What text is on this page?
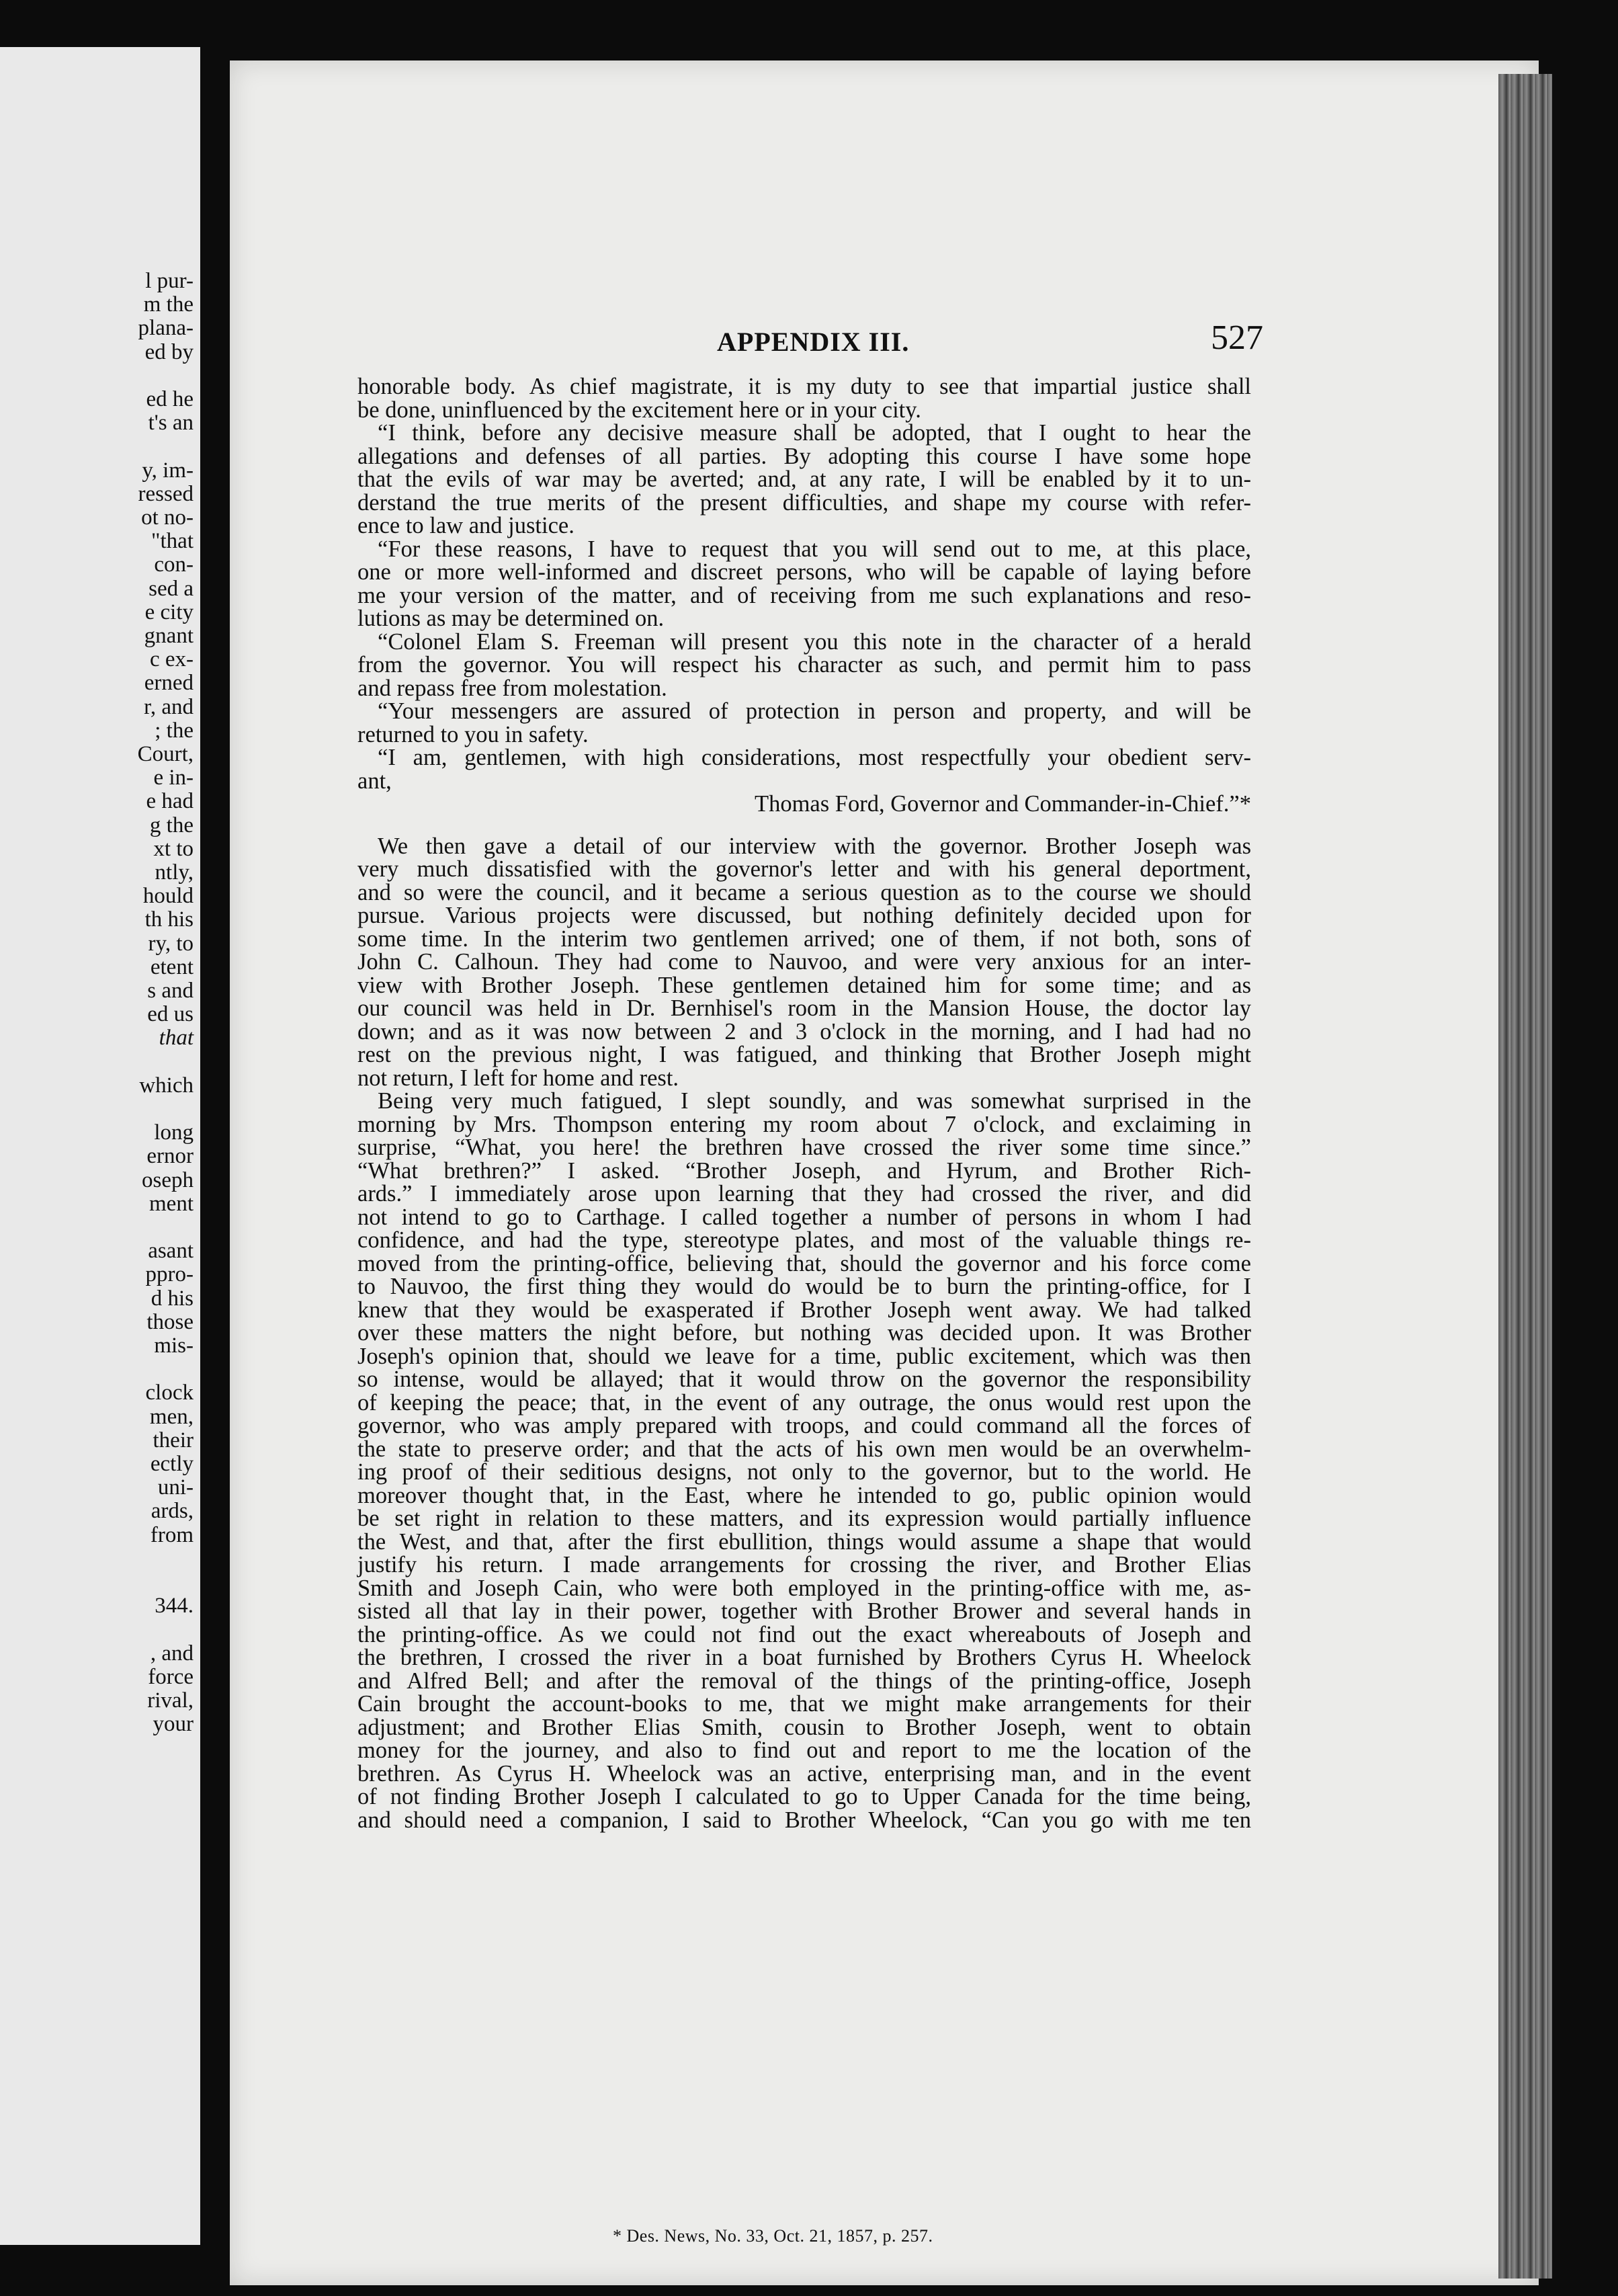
l pur-
m the
plana-
ed by
ed he
t's an
y, im-
ressed
ot no-
"that
con-
sed a
e city
gnant
c ex-
erned
r, and
; the
Court,
e in-
e had
g the
xt to
ntly,
hould
th his
ry, to
etent
s and
ed us
that
which
long
ernor
oseph
ment
asant
ppro-
d his
those
mis-
clock
men,
their
ectly
uni-
ards,
from
344.
, and
force
rival,
your
APPENDIX III.	527
honorable body. As chief magistrate, it is my duty to see that impartial justice shall
be done, uninfluenced by the excitement here or in your city.
“I think, before any decisive measure shall be adopted, that I ought to hear the
allegations and defenses of all parties. By adopting this course I have some hope
that the evils of war may be averted; and, at any rate, I will be enabled by it to un-
derstand the true merits of the present difficulties, and shape my course with refer-
ence to law and justice.
“For these reasons, I have to request that you will send out to me, at this place,
one or more well-informed and discreet persons, who will be capable of laying before
me your version of the matter, and of receiving from me such explanations and reso-
lutions as may be determined on.
“Colonel Elam S. Freeman will present you this note in the character of a herald
from the governor. You will respect his character as such, and permit him to pass
and repass free from molestation.
“Your messengers are assured of protection in person and property, and will be
returned to you in safety.
“I am, gentlemen, with high considerations, most respectfully your obedient serv-
ant,
Thomas Ford, Governor and Commander-in-Chief.”*
We then gave a detail of our interview with the governor. Brother Joseph was
very much dissatisfied with the governor's letter and with his general deportment,
and so were the council, and it became a serious question as to the course we should
pursue. Various projects were discussed, but nothing definitely decided upon for
some time. In the interim two gentlemen arrived; one of them, if not both, sons of
John C. Calhoun. They had come to Nauvoo, and were very anxious for an inter-
view with Brother Joseph. These gentlemen detained him for some time; and as
our council was held in Dr. Bernhisel's room in the Mansion House, the doctor lay
down; and as it was now between 2 and 3 o'clock in the morning, and I had had no
rest on the previous night, I was fatigued, and thinking that Brother Joseph might
not return, I left for home and rest.
Being very much fatigued, I slept soundly, and was somewhat surprised in the
morning by Mrs. Thompson entering my room about 7 o'clock, and exclaiming in
surprise, “What, you here! the brethren have crossed the river some time since.”
“What brethren?” I asked. “Brother Joseph, and Hyrum, and Brother Rich-
ards.” I immediately arose upon learning that they had crossed the river, and did
not intend to go to Carthage. I called together a number of persons in whom I had
confidence, and had the type, stereotype plates, and most of the valuable things re-
moved from the printing-office, believing that, should the governor and his force come
to Nauvoo, the first thing they would do would be to burn the printing-office, for I
knew that they would be exasperated if Brother Joseph went away. We had talked
over these matters the night before, but nothing was decided upon. It was Brother
Joseph's opinion that, should we leave for a time, public excitement, which was then
so intense, would be allayed; that it would throw on the governor the responsibility
of keeping the peace; that, in the event of any outrage, the onus would rest upon the
governor, who was amply prepared with troops, and could command all the forces of
the state to preserve order; and that the acts of his own men would be an overwhelm-
ing proof of their seditious designs, not only to the governor, but to the world. He
moreover thought that, in the East, where he intended to go, public opinion would
be set right in relation to these matters, and its expression would partially influence
the West, and that, after the first ebullition, things would assume a shape that would
justify his return. I made arrangements for crossing the river, and Brother Elias
Smith and Joseph Cain, who were both employed in the printing-office with me, as-
sisted all that lay in their power, together with Brother Brower and several hands in
the printing-office. As we could not find out the exact whereabouts of Joseph and
the brethren, I crossed the river in a boat furnished by Brothers Cyrus H. Wheelock
and Alfred Bell; and after the removal of the things of the printing-office, Joseph
Cain brought the account-books to me, that we might make arrangements for their
adjustment; and Brother Elias Smith, cousin to Brother Joseph, went to obtain
money for the journey, and also to find out and report to me the location of the
brethren. As Cyrus H. Wheelock was an active, enterprising man, and in the event
of not finding Brother Joseph I calculated to go to Upper Canada for the time being,
and should need a companion, I said to Brother Wheelock, “Can you go with me ten
* Des. News, No. 33, Oct. 21, 1857, p. 257.
